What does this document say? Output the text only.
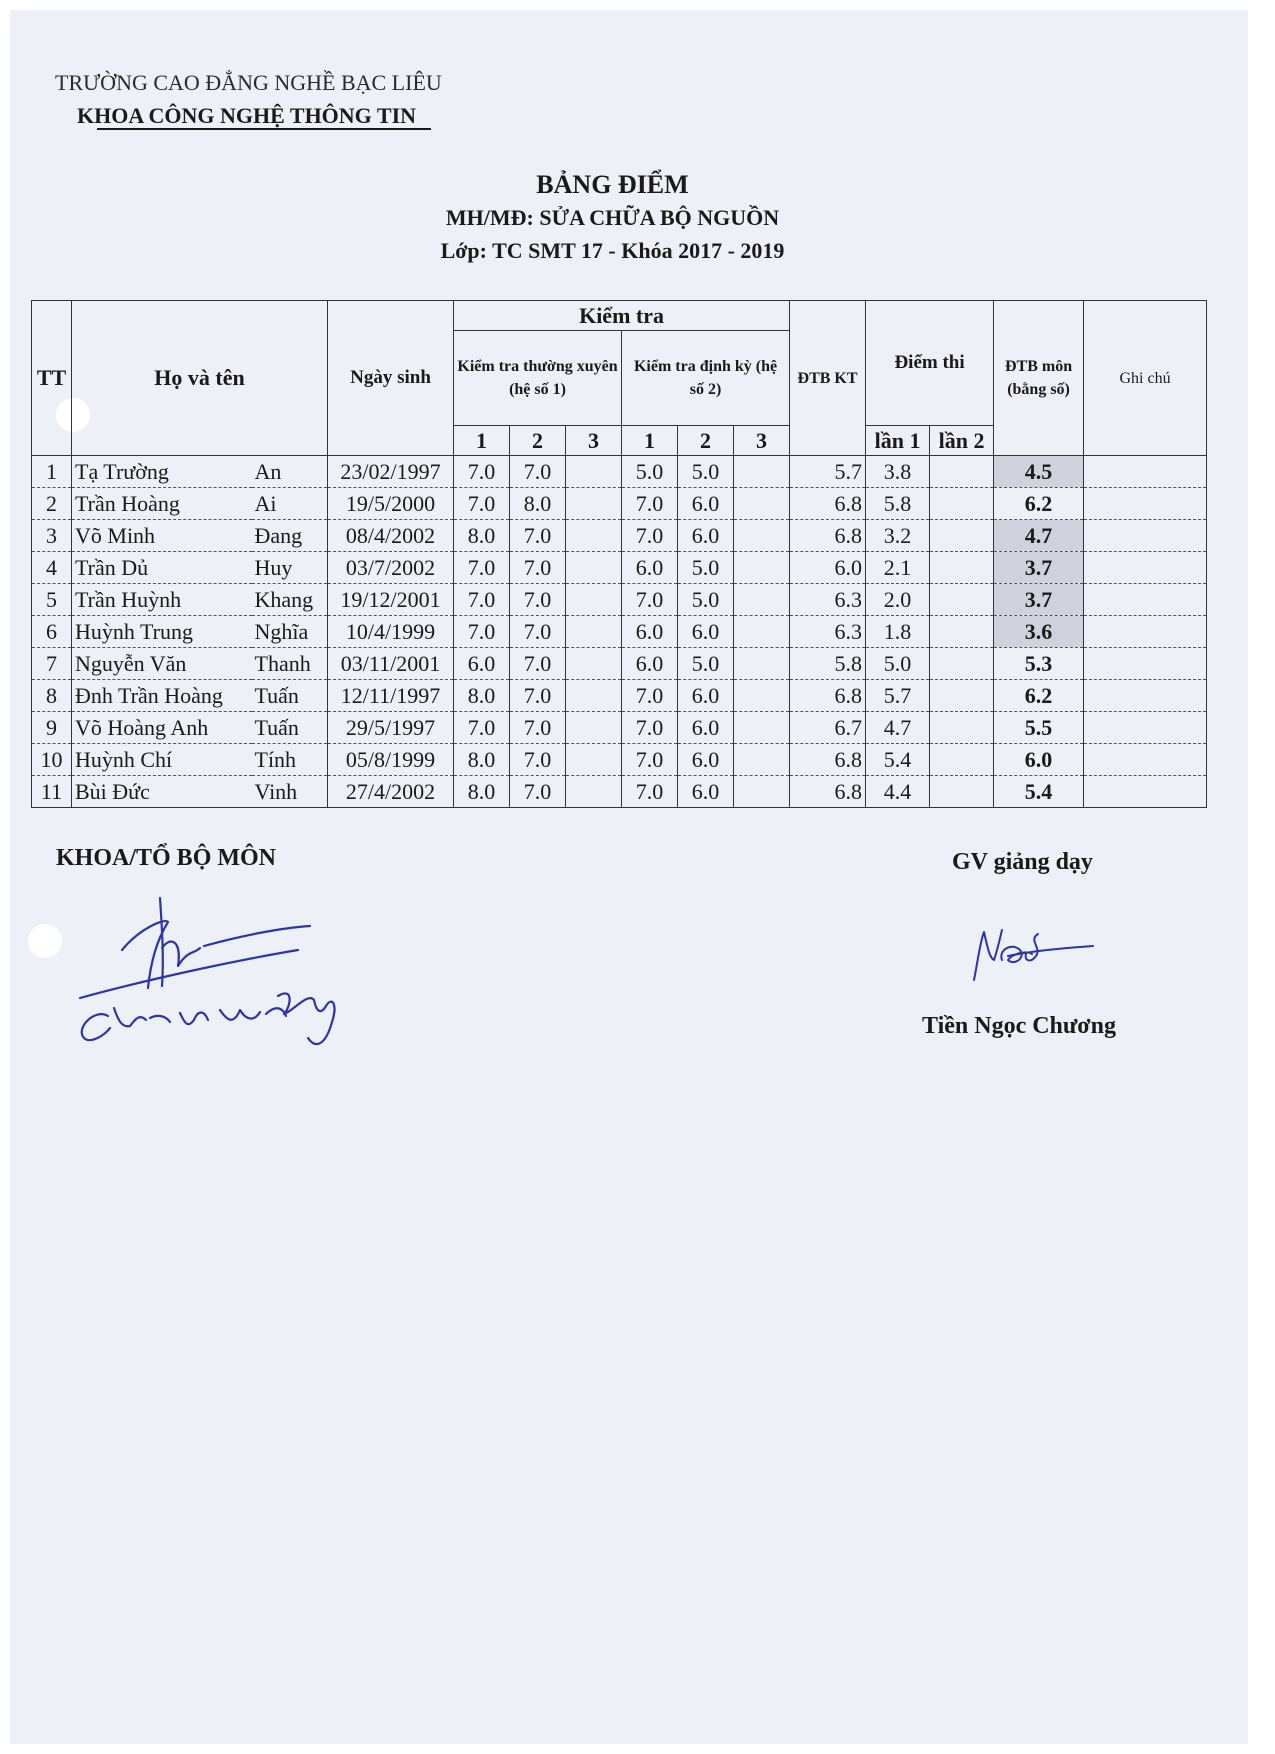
TRƯỜNG CAO ĐẲNG NGHỀ BẠC LIÊU
KHOA CÔNG NGHỆ THÔNG TIN
BẢNG ĐIỂM
MH/MĐ: SỬA CHỮA BỘ NGUỒN
Lớp: TC SMT 17 - Khóa 2017 - 2019
TT	Họ và tên		Ngày sinh	Kiểm tra						ĐTB KT	Điểm thi		ĐTB môn (bằng số)	Ghi chú
				Kiểm tra thường xuyên (hệ số 1)			Kiểm tra định kỳ (hệ số 2)							
				1	2	3	1	2	3		lần 1	lần 2		
1	Tạ Trường	An	23/02/1997	7.0	7.0		5.0	5.0		5.7	3.8		4.5	
2	Trần Hoàng	Ai	19/5/2000	7.0	8.0		7.0	6.0		6.8	5.8		6.2	
3	Võ Minh	Đang	08/4/2002	8.0	7.0		7.0	6.0		6.8	3.2		4.7	
4	Trần Dủ	Huy	03/7/2002	7.0	7.0		6.0	5.0		6.0	2.1		3.7	
5	Trần Huỳnh	Khang	19/12/2001	7.0	7.0		7.0	5.0		6.3	2.0		3.7	
6	Huỳnh Trung	Nghĩa	10/4/1999	7.0	7.0		6.0	6.0		6.3	1.8		3.6	
7	Nguyễn Văn	Thanh	03/11/2001	6.0	7.0		6.0	5.0		5.8	5.0		5.3	
8	Đnh Trần Hoàng	Tuấn	12/11/1997	8.0	7.0		7.0	6.0		6.8	5.7		6.2	
9	Võ Hoàng Anh	Tuấn	29/5/1997	7.0	7.0		7.0	6.0		6.7	4.7		5.5	
10	Huỳnh Chí	Tính	05/8/1999	8.0	7.0		7.0	6.0		6.8	5.4		6.0	
11	Bùi Đức	Vinh	27/4/2002	8.0	7.0		7.0	6.0		6.8	4.4		5.4	
KHOA/TỔ BỘ MÔN	GV giảng dạy
Tiền Ngọc Chương
